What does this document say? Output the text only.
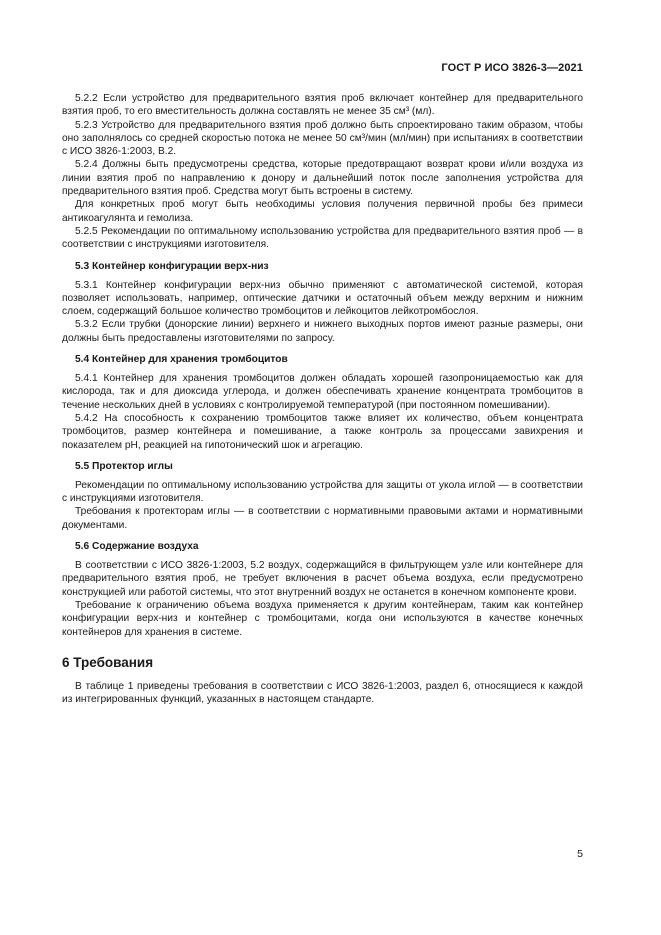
ГОСТ Р ИСО 3826-3—2021

5.2.2 Если устройство для предварительного взятия проб включает контейнер для предварительного взятия проб, то его вместительность должна составлять не менее 35 см³ (мл).

5.2.3 Устройство для предварительного взятия проб должно быть спроектировано таким образом, чтобы оно заполнялось со средней скоростью потока не менее 50 см³/мин (мл/мин) при испытаниях в соответствии с ИСО 3826-1:2003, В.2.

5.2.4 Должны быть предусмотрены средства, которые предотвращают возврат крови и/или воздуха из линии взятия проб по направлению к донору и дальнейший поток после заполнения устройства для предварительного взятия проб. Средства могут быть встроены в систему.

Для конкретных проб могут быть необходимы условия получения первичной пробы без примеси антикоагулянта и гемолиза.

5.2.5 Рекомендации по оптимальному использованию устройства для предварительного взятия проб — в соответствии с инструкциями изготовителя.

5.3 Контейнер конфигурации верх-низ

5.3.1 Контейнер конфигурации верх-низ обычно применяют с автоматической системой, которая позволяет использовать, например, оптические датчики и остаточный объем между верхним и нижним слоем, содержащий большое количество тромбоцитов и лейкоцитов лейкотромбослоя.

5.3.2 Если трубки (донорские линии) верхнего и нижнего выходных портов имеют разные размеры, они должны быть предоставлены изготовителями по запросу.

5.4 Контейнер для хранения тромбоцитов

5.4.1 Контейнер для хранения тромбоцитов должен обладать хорошей газопроницаемостью как для кислорода, так и для диоксида углерода, и должен обеспечивать хранение концентрата тромбоцитов в течение нескольких дней в условиях с контролируемой температурой (при постоянном помешивании).

5.4.2 На способность к сохранению тромбоцитов также влияет их количество, объем концентрата тромбоцитов, размер контейнера и помешивание, а также контроль за процессами завихрения и показателем pH, реакцией на гипотонический шок и агрегацию.

5.5 Протектор иглы

Рекомендации по оптимальному использованию устройства для защиты от укола иглой — в соответствии с инструкциями изготовителя.

Требования к протекторам иглы — в соответствии с нормативными правовыми актами и нормативными документами.

5.6 Содержание воздуха

В соответствии с ИСО 3826-1:2003, 5.2 воздух, содержащийся в фильтрующем узле или контейнере для предварительного взятия проб, не требует включения в расчет объема воздуха, если предусмотрено конструкцией или работой системы, что этот внутренний воздух не останется в конечном компоненте крови.

Требование к ограничению объема воздуха применяется к другим контейнерам, таким как контейнер конфигурации верх-низ и контейнер с тромбоцитами, когда они используются в качестве конечных контейнеров для хранения в системе.

6 Требования

В таблице 1 приведены требования в соответствии с ИСО 3826-1:2003, раздел 6, относящиеся к каждой из интегрированных функций, указанных в настоящем стандарте.

5
